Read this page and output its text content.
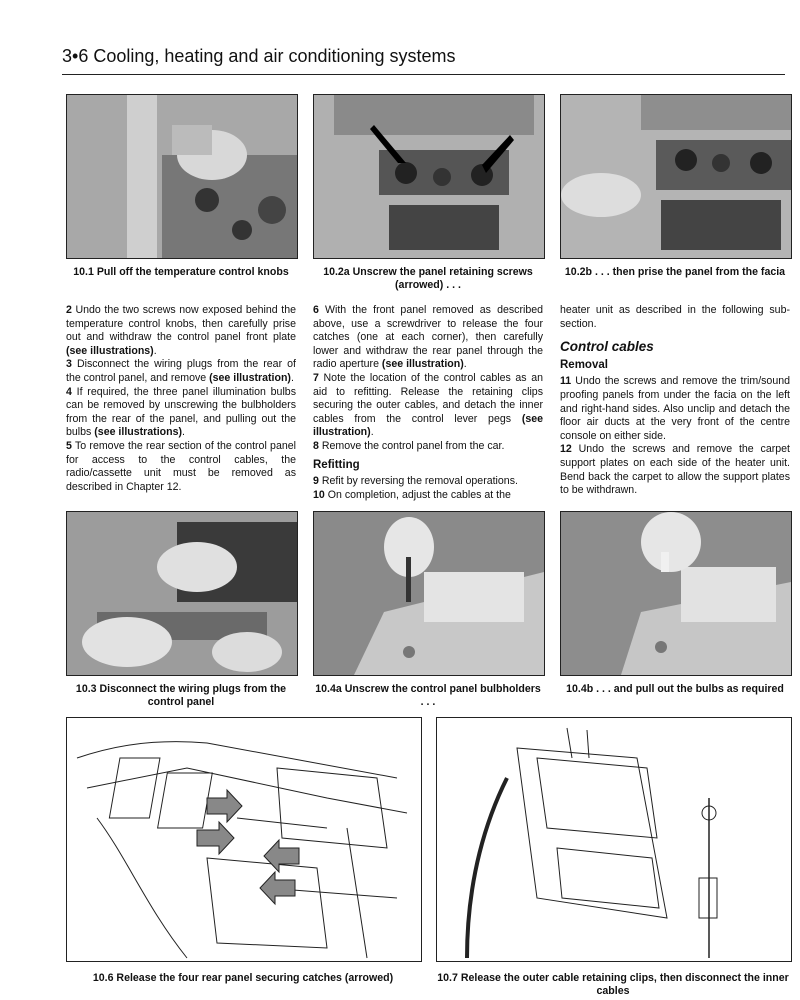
3•6 Cooling, heating and air conditioning systems
10.1 Pull off the temperature control knobs	10.2a Unscrew the panel retaining screws (arrowed) . . .
10.2b . . . then prise the panel from the facia

2 Undo the two screws now exposed behind the temperature control knobs, then carefully prise out and withdraw the control panel front plate (see illustrations).

3 Disconnect the wiring plugs from the rear of the control panel, and remove (see illustration).

4 If required, the three panel illumination bulbs can be removed by unscrewing the bulbholders from the rear of the panel, and pulling out the bulbs (see illustrations).

5 To remove the rear section of the control panel for access to the control cables, the radio/cassette unit must be removed as described in Chapter 12.

6 With the front panel removed as described above, use a screwdriver to release the four catches (one at each corner), then carefully lower and withdraw the rear panel through the radio aperture (see illustration).

7 Note the location of the control cables as an aid to refitting. Release the retaining clips securing the outer cables, and detach the inner cables from the control lever pegs (see illustration).

8 Remove the control panel from the car.

Refitting

9 Refit by reversing the removal operations.

10 On completion, adjust the cables at the

heater unit as described in the following sub-section.

Control cables

Removal

11 Undo the screws and remove the trim/sound proofing panels from under the facia on the left and right-hand sides. Also unclip and detach the floor air ducts at the very front of the centre console on either side.

12 Undo the screws and remove the carpet support plates on each side of the heater unit. Bend back the carpet to allow the support plates to be withdrawn.

10.3 Disconnect the wiring plugs from the control panel
10.4a Unscrew the control panel bulbholders . . .
10.4b . . . and pull out the bulbs as required
10.6 Release the four rear panel securing catches (arrowed)	10.7 Release the outer cable retaining clips, then disconnect the inner cables
